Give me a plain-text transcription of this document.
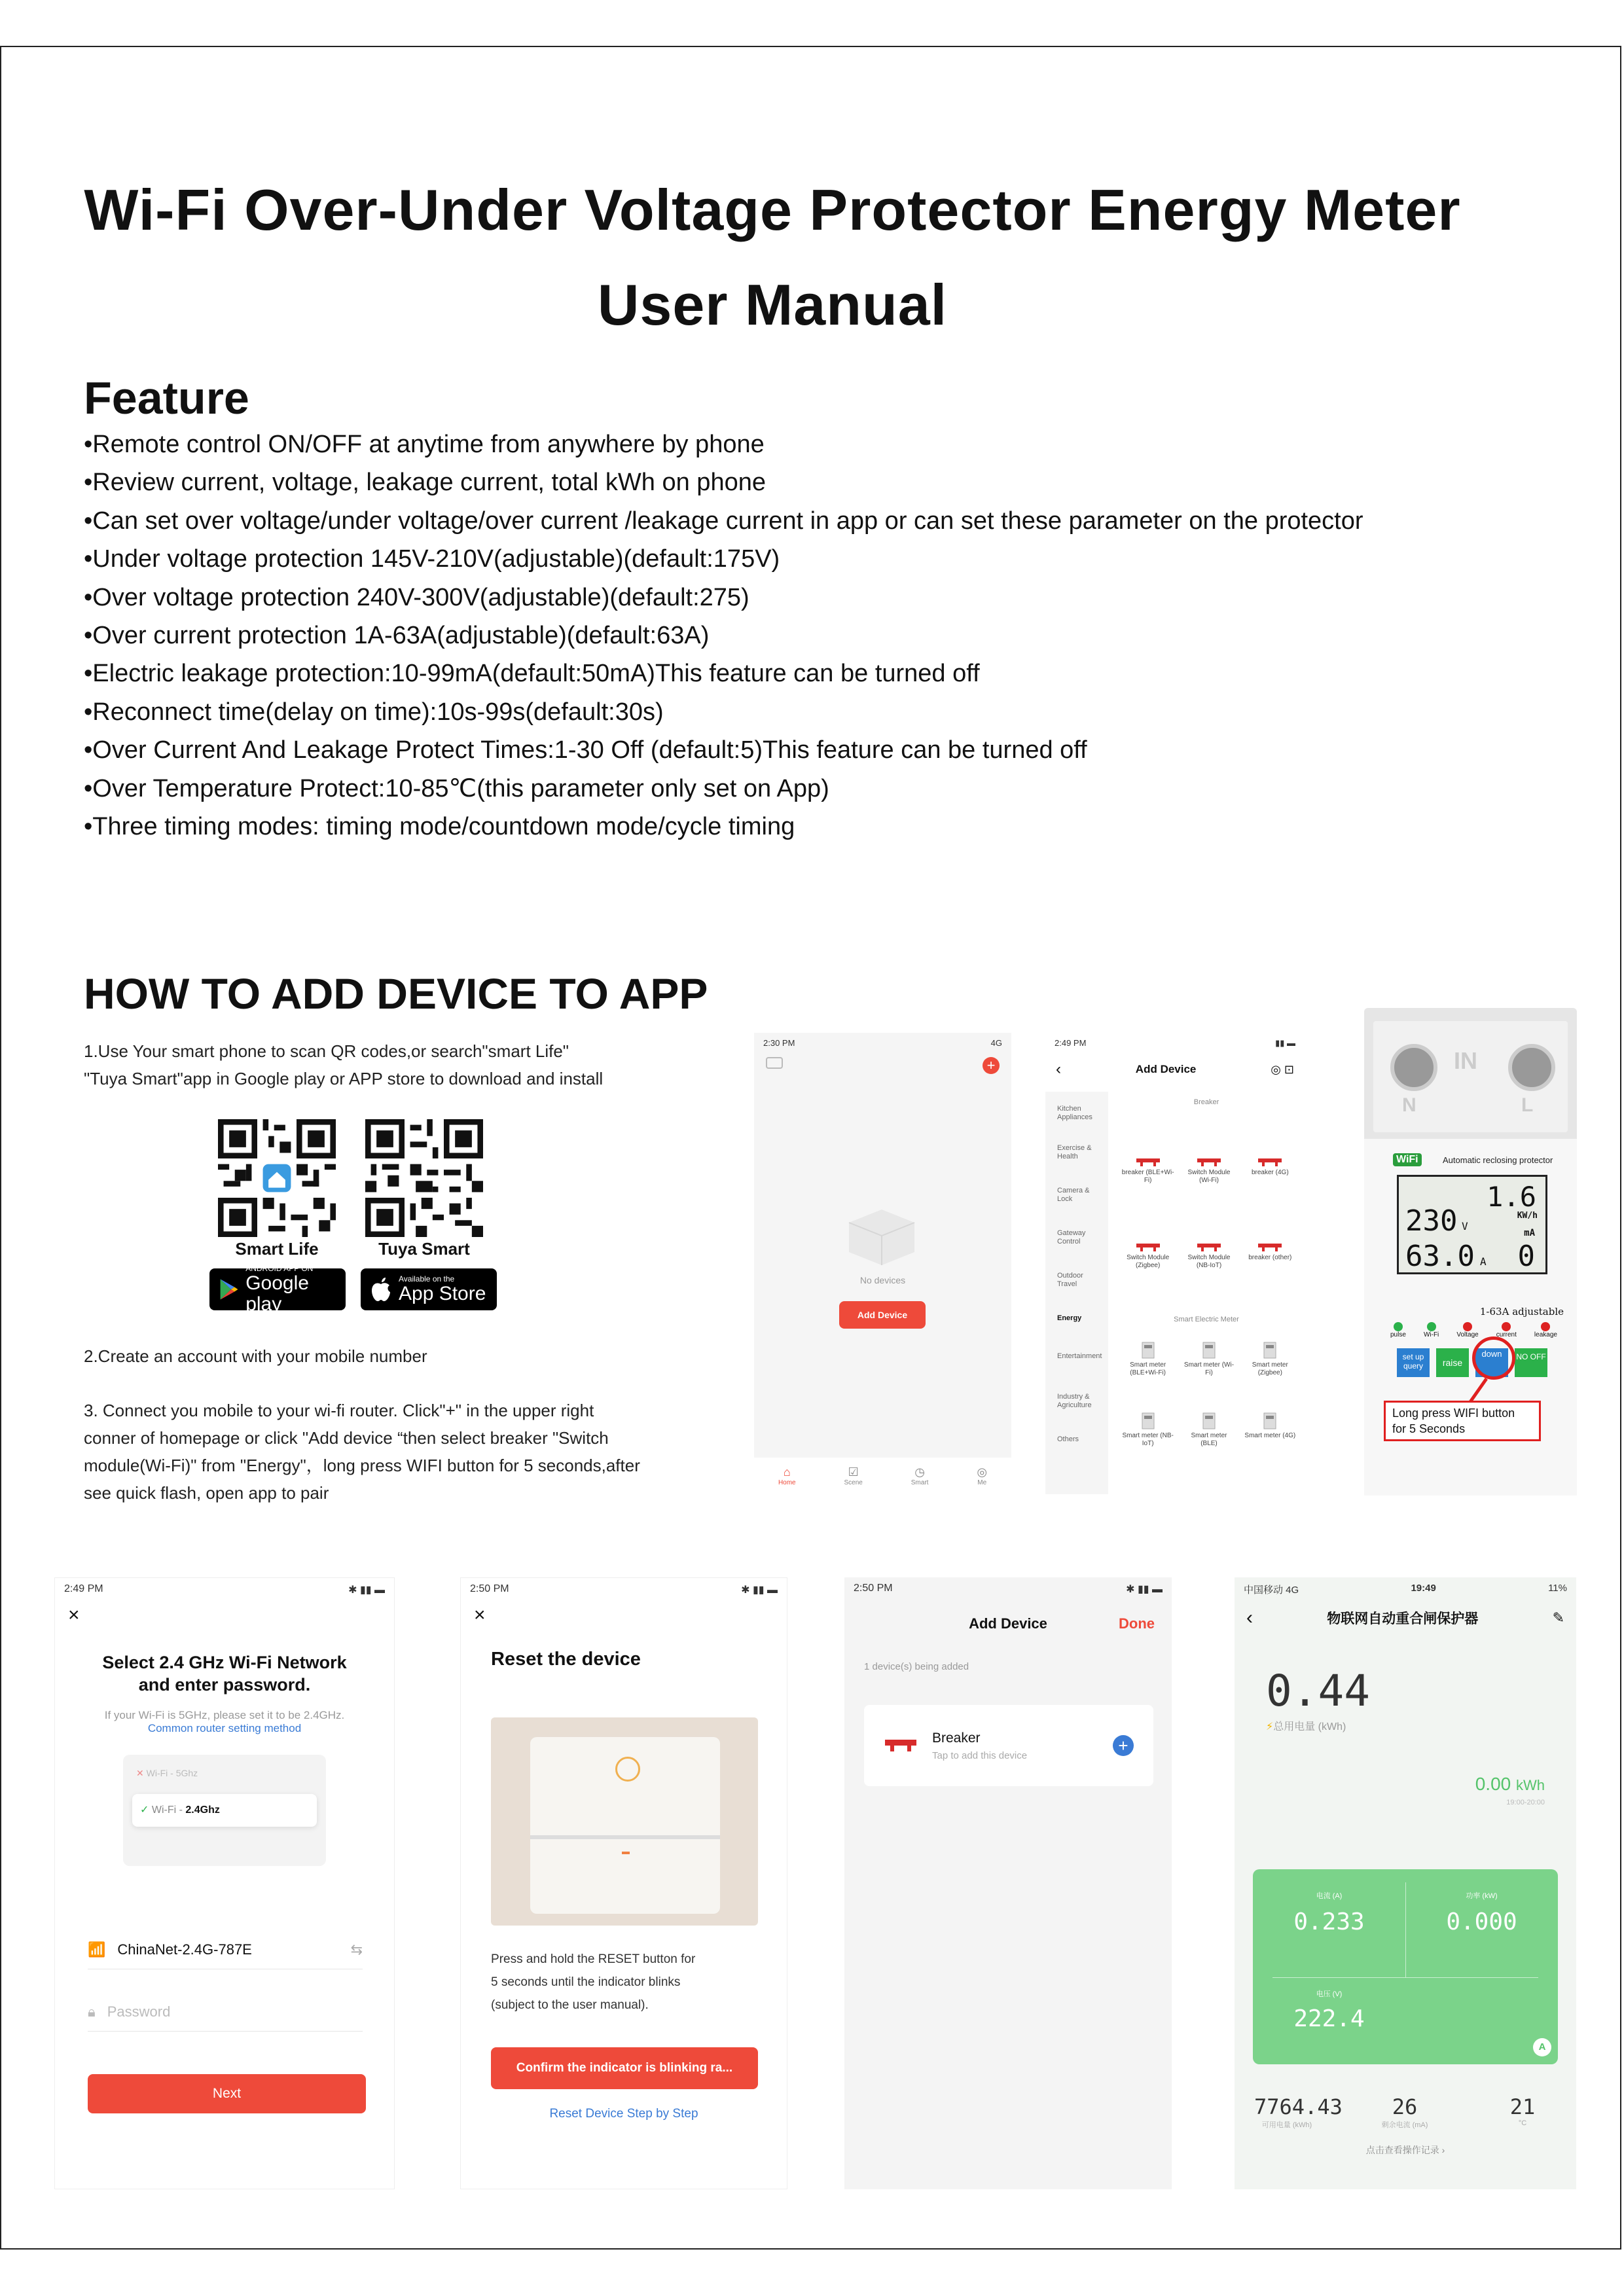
Wi-Fi Over-Under Voltage Protector Energy Meter
User Manual
Feature
•Remote control ON/OFF at anytime from anywhere by phone
•Review current, voltage, leakage current, total kWh on phone
•Can set over voltage/under voltage/over current /leakage current in app or can set these parameter on the protector
•Under voltage protection 145V-210V(adjustable)(default:175V)
•Over voltage protection 240V-300V(adjustable)(default:275)
•Over current protection 1A-63A(adjustable)(default:63A)
•Electric leakage protection:10-99mA(default:50mA)This feature can be turned off
•Reconnect time(delay on time):10s-99s(default:30s)
•Over Current And Leakage Protect Times:1-30 Off (default:5)This feature can be turned off
•Over Temperature Protect:10-85℃(this parameter only set on App)
•Three timing modes: timing mode/countdown mode/cycle timing
HOW TO ADD DEVICE TO APP
1.Use Your smart phone to scan QR codes,or search"smart Life"
"Tuya Smart"app in Google play or APP store to download and install
Smart Life	Tuya Smart
ANDROID APP ON
Google play
Available on the
App Store
2.Create an account with your mobile number
3. Connect you mobile to your wi-fi router. Click"+" in the upper right
conner of homepage or click "Add device “then select breaker "Switch
module(Wi-Fi)" from "Energy"，long press WIFI button for 5 seconds,after
see quick flash, open app to pair
2:30 PM	4G
+
No devices
Add Device
⌂
Home
☑
Scene
◷
Smart
◎
Me
2:49 PM	▮▮ ▬
‹	Add Device	◎ ⊡
Kitchen Appliances
Exercise & Health
Camera & Lock
Gateway Control
Outdoor Travel
Energy
Entertainment
Industry & Agriculture
Others
Breaker
breaker (BLE+Wi-Fi)
Switch Module (Wi-Fi)
breaker (4G)
Switch Module (Zigbee)
Switch Module (NB-IoT)
breaker (other)
Smart Electric Meter
Smart meter (BLE+Wi-Fi)
Smart meter (Wi-Fi)
Smart meter (Zigbee)
Smart meter (NB-IoT)
Smart meter (BLE)
Smart meter (4G)
N
IN
L
WiFi	Automatic reclosing protector
230 V
1.6
KW/h
63.0 A
mA
0
1-63A adjustable
pulse	Wi-Fi	Voltage	current	leakage
set up query	raise
down	NO OFF
Long press WIFI button
for 5 Seconds
2:49 PM	✱ ▮▮ ▬
×
Select 2.4 GHz Wi-Fi Network
and enter password.
If your Wi-Fi is 5GHz, please set it to be 2.4GHz.
Common router setting method
✕ Wi-Fi - 5Ghz
✓ Wi-Fi - 2.4Ghz
📶 ChinaNet-2.4G-787E	⇆
🔒︎ Password
Next
2:50 PM	✱ ▮▮ ▬
×
Reset the device
Press and hold the RESET button for
5 seconds until the indicator blinks
(subject to the user manual).
Confirm the indicator is blinking ra...
Reset Device Step by Step
2:50 PM	✱ ▮▮ ▬
Add Device	Done
1 device(s) being added
Breaker
Tap to add this device	+
中国移动 4G	19:49	11%
‹	物联网自动重合闸保护器	✎
0.44
⚡总用电量 (kWh)
0.00 kWh
19:00-20:00
电流 (A)
0.233
功率 (kW)
0.000
电压 (V)
222.4
A
7764.43
可用电量 (kWh)
26
剩余电流 (mA)
21
°C
点击查看操作记录 ›
